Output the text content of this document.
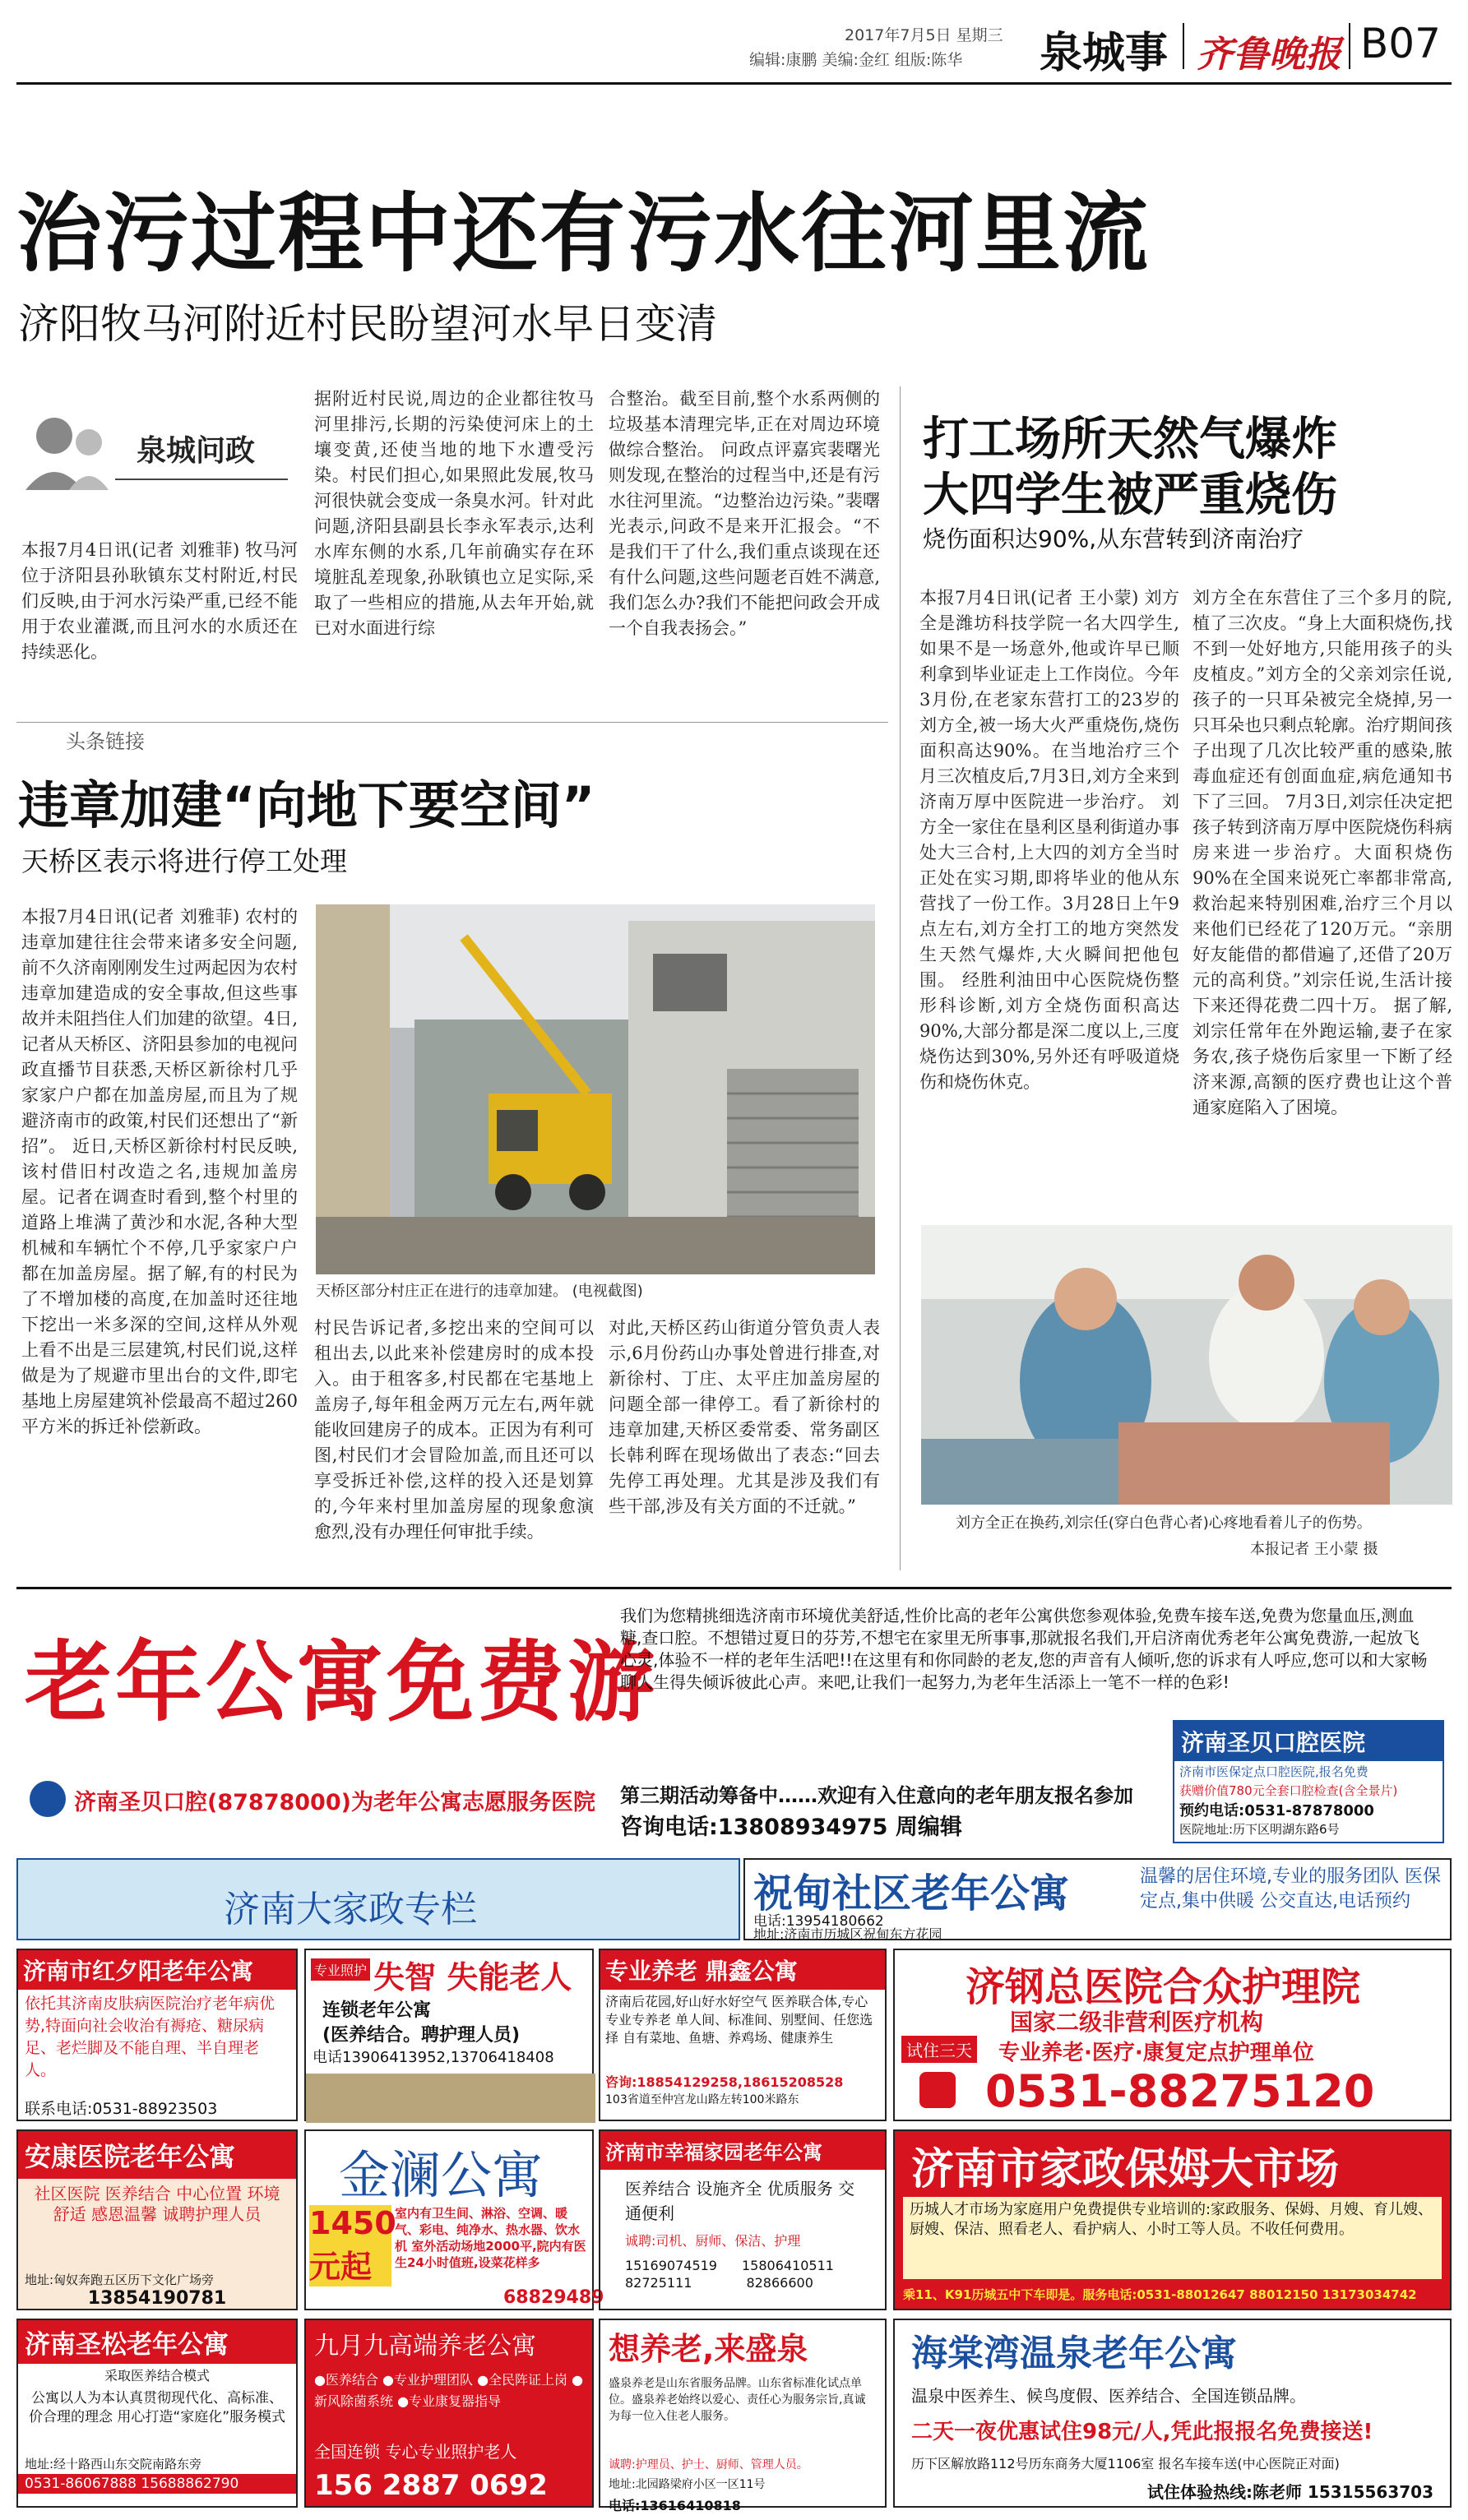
2017年7月5日 星期三
编辑:康鹏 美编:金红 组版:陈华 泉城事 齐鲁晚报 B07
治污过程中还有污水往河里流
济阳牧马河附近村民盼望河水早日变清
泉城问政
本报7月4日讯(记者 刘雅菲) 牧马河位于济阳县孙耿镇东艾村附近,村民们反映,由于河水污染严重,已经不能用于农业灌溉,而且河水的水质还在持续恶化。
据附近村民说,周边的企业都往牧马河里排污,长期的污染使河床上的土壤变黄,还使当地的地下水遭受污染。村民们担心,如果照此发展,牧马河很快就会变成一条臭水河。针对此问题,济阳县副县长李永军表示,达利水库东侧的水系,几年前确实存在环境脏乱差现象,孙耿镇也立足实际,采取了一些相应的措施,从去年开始,就已对水面进行综
合整治。截至目前,整个水系两侧的垃圾基本清理完毕,正在对周边环境做综合整治。 问政点评嘉宾裴曙光则发现,在整治的过程当中,还是有污水往河里流。“边整治边污染。”裴曙光表示,问政不是来开汇报会。“不是我们干了什么,我们重点谈现在还有什么问题,这些问题老百姓不满意,我们怎么办?我们不能把问政会开成一个自我表扬会。”
头条链接
违章加建“向地下要空间”
天桥区表示将进行停工处理
本报7月4日讯(记者 刘雅菲) 农村的违章加建往往会带来诸多安全问题,前不久济南刚刚发生过两起因为农村违章加建造成的安全事故,但这些事故并未阻挡住人们加建的欲望。4日,记者从天桥区、济阳县参加的电视问政直播节目获悉,天桥区新徐村几乎家家户户都在加盖房屋,而且为了规避济南市的政策,村民们还想出了“新招”。 近日,天桥区新徐村村民反映,该村借旧村改造之名,违规加盖房屋。记者在调查时看到,整个村里的道路上堆满了黄沙和水泥,各种大型机械和车辆忙个不停,几乎家家户户都在加盖房屋。据了解,有的村民为了不增加楼的高度,在加盖时还往地下挖出一米多深的空间,这样从外观上看不出是三层建筑,村民们说,这样做是为了规避市里出台的文件,即宅基地上房屋建筑补偿最高不超过260平方米的拆迁补偿新政。
天桥区部分村庄正在进行的违章加建。 (电视截图)
村民告诉记者,多挖出来的空间可以租出去,以此来补偿建房时的成本投入。由于租客多,村民都在宅基地上盖房子,每年租金两万元左右,两年就能收回建房子的成本。正因为有利可图,村民们才会冒险加盖,而且还可以享受拆迁补偿,这样的投入还是划算的,今年来村里加盖房屋的现象愈演愈烈,没有办理任何审批手续。
对此,天桥区药山街道分管负责人表示,6月份药山办事处曾进行排查,对新徐村、丁庄、太平庄加盖房屋的问题全部一律停工。看了新徐村的违章加建,天桥区委常委、常务副区长韩利晖在现场做出了表态:“回去先停工再处理。尤其是涉及我们有些干部,涉及有关方面的不迁就。”
打工场所天然气爆炸
大四学生被严重烧伤
烧伤面积达90%,从东营转到济南治疗
本报7月4日讯(记者 王小蒙) 刘方全是潍坊科技学院一名大四学生,如果不是一场意外,他或许早已顺利拿到毕业证走上工作岗位。今年3月份,在老家东营打工的23岁的刘方全,被一场大火严重烧伤,烧伤面积高达90%。在当地治疗三个月三次植皮后,7月3日,刘方全来到济南万厚中医院进一步治疗。 刘方全一家住在垦利区垦利街道办事处大三合村,上大四的刘方全当时正处在实习期,即将毕业的他从东营找了一份工作。3月28日上午9点左右,刘方全打工的地方突然发生天然气爆炸,大火瞬间把他包围。 经胜利油田中心医院烧伤整形科诊断,刘方全烧伤面积高达90%,大部分都是深二度以上,三度烧伤达到30%,另外还有呼吸道烧伤和烧伤休克。
刘方全在东营住了三个多月的院,植了三次皮。“身上大面积烧伤,找不到一处好地方,只能用孩子的头皮植皮。”刘方全的父亲刘宗任说,孩子的一只耳朵被完全烧掉,另一只耳朵也只剩点轮廓。治疗期间孩子出现了几次比较严重的感染,脓毒血症还有创面血症,病危通知书下了三回。 7月3日,刘宗任决定把孩子转到济南万厚中医院烧伤科病房来进一步治疗。大面积烧伤90%在全国来说死亡率都非常高,救治起来特别困难,治疗三个月以来他们已经花了120万元。“亲朋好友能借的都借遍了,还借了20万元的高利贷。”刘宗任说,生活计接下来还得花费二四十万。 据了解,刘宗任常年在外跑运输,妻子在家务农,孩子烧伤后家里一下断了经济来源,高额的医疗费也让这个普通家庭陷入了困境。
刘方全正在换药,刘宗任(穿白色背心者)心疼地看着儿子的伤势。
本报记者 王小蒙 摄
老年公寓免费游
济南圣贝口腔(87878000)为老年公寓志愿服务医院
我们为您精挑细选济南市环境优美舒适,性价比高的老年公寓供您参观体验,免费车接车送,免费为您量血压,测血糖,查口腔。不想错过夏日的芬芳,不想宅在家里无所事事,那就报名我们,开启济南优秀老年公寓免费游,一起放飞心灵,体验不一样的老年生活吧!!在这里有和你同龄的老友,您的声音有人倾听,您的诉求有人呼应,您可以和大家畅聊人生得失倾诉彼此心声。来吧,让我们一起努力,为老年生活添上一笔不一样的色彩!
第三期活动筹备中……欢迎有入住意向的老年朋友报名参加
咨询电话:13808934975 周编辑
济南圣贝口腔医院
济南市医保定点口腔医院,报名免费
获赠价值780元全套口腔检查(含全景片)
预约电话:0531-87878000
医院地址:历下区明湖东路6号
济南大家政专栏	祝甸社区老年公寓
电话:13954180662
地址:济南市历城区祝甸东方花园
温馨的居住环境,专业的服务团队 医保定点,集中供暖 公交直达,电话预约
济南市红夕阳老年公寓
依托其济南皮肤病医院治疗老年病优势,特面向社会收治有褥疮、糖尿病足、老烂脚及不能自理、半自理老人。
联系电话:0531-88923503
专业照护 失智 失能老人
连锁老年公寓
(医养结合。聘护理人员)
电话13906413952,13706418408
专业养老 鼎鑫公寓
济南后花园,好山好水好空气 医养联合体,专心专业专养老 单人间、标准间、别墅间、任您选择 自有菜地、鱼塘、养鸡场、健康养生
咨询:18854129258,18615208528
103省道至仲宫龙山路左转100米路东
济钢总医院合众护理院
国家二级非营利医疗机构
试住三天 专业养老·医疗·康复定点护理单位
0531-88275120
安康医院老年公寓
社区医院 医养结合 中心位置 环境舒适 感恩温馨 诚聘护理人员
地址:匈奴奔跑五区历下文化广场旁
13854190781
金澜公寓
1450元起
室内有卫生间、淋浴、空调、暖气、彩电、纯净水、热水器、饮水机 室外活动场地2000平,院内有医生24小时值班,设菜花样多
68829489
济南市幸福家园老年公寓
医养结合 设施齐全 优质服务 交通便利
诚聘:司机、厨师、保洁、护理
15169074519 15806410511
82725111	82866600
济南市家政保姆大市场
历城人才市场为家庭用户免费提供专业培训的:家政服务、保姆、月嫂、育儿嫂、厨嫂、保洁、照看老人、看护病人、小时工等人员。不收任何费用。
乘11、K91历城五中下车即是。服务电话:0531-88012647 88012150 13173034742
济南圣松老年公寓
采取医养结合模式
公寓以人为本认真贯彻现代化、高标准、价合理的理念 用心打造“家庭化”服务模式
地址:经十路西山东交院南路东旁
0531-86067888 15688862790
九月九高端养老公寓
●医养结合 ●专业护理团队 ●全民阵证上岗 ●新风除菌系统 ●专业康复器指导
全国连锁 专心专业照护老人
156 2887 0692
想养老,来盛泉
盛泉养老是山东省服务品牌。山东省标准化试点单位。盛泉养老始终以爱心、责任心为服务宗旨,真诚为每一位入住老人服务。
诚聘:护理员、护士、厨师、管理人员。
地址:北园路梁府小区一区11号
电话:13616410818
海棠湾温泉老年公寓
温泉中医养生、候鸟度假、医养结合、全国连锁品牌。
二天一夜优惠试住98元/人,凭此报报名免费接送!
历下区解放路112号历东商务大厦1106室 报名车接车送(中心医院正对面)
试住体验热线:陈老师 15315563703
